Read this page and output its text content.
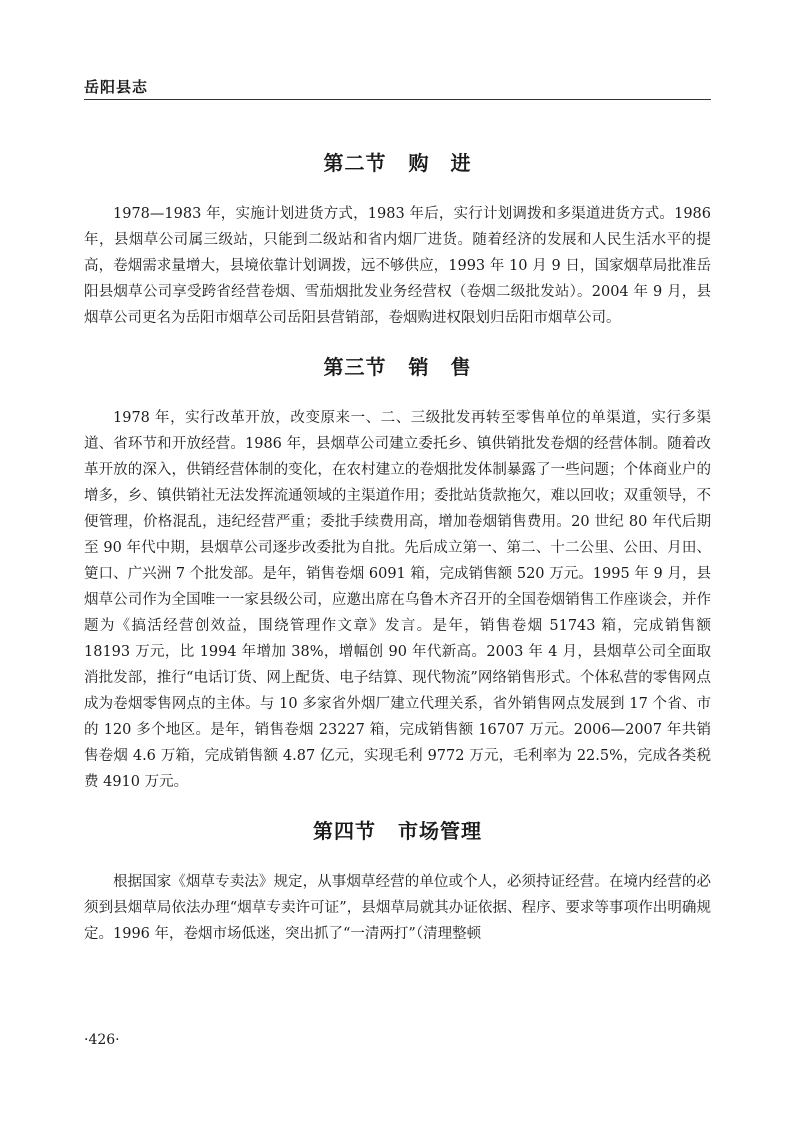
岳阳县志
第二节 购　进

1978—1983 年，实施计划进货方式，1983 年后，实行计划调拨和多渠道进货方式。1986 年，县烟草公司属三级站，只能到二级站和省内烟厂进货。随着经济的发展和人民生活水平的提高，卷烟需求量增大，县境依靠计划调拨，远不够供应，1993 年 10 月 9 日，国家烟草局批准岳阳县烟草公司享受跨省经营卷烟、雪茄烟批发业务经营权（卷烟二级批发站）。2004 年 9 月，县烟草公司更名为岳阳市烟草公司岳阳县营销部，卷烟购进权限划归岳阳市烟草公司。

第三节 销　售

1978 年，实行改革开放，改变原来一、二、三级批发再转至零售单位的单渠道，实行多渠道、省环节和开放经营。1986 年，县烟草公司建立委托乡、镇供销批发卷烟的经营体制。随着改革开放的深入，供销经营体制的变化，在农村建立的卷烟批发体制暴露了一些问题；个体商业户的增多，乡、镇供销社无法发挥流通领域的主渠道作用；委批站货款拖欠，难以回收；双重领导，不便管理，价格混乱，违纪经营严重；委批手续费用高，增加卷烟销售费用。20 世纪 80 年代后期至 90 年代中期，县烟草公司逐步改委批为自批。先后成立第一、第二、十二公里、公田、月田、筻口、广兴洲 7 个批发部。是年，销售卷烟 6091 箱，完成销售额 520 万元。1995 年 9 月，县烟草公司作为全国唯一一家县级公司，应邀出席在乌鲁木齐召开的全国卷烟销售工作座谈会，并作题为《搞活经营创效益，围绕管理作文章》发言。是年，销售卷烟 51743 箱，完成销售额 18193 万元，比 1994 年增加 38%，增幅创 90 年代新高。2003 年 4 月，县烟草公司全面取消批发部，推行“电话订货、网上配货、电子结算、现代物流”网络销售形式。个体私营的零售网点成为卷烟零售网点的主体。与 10 多家省外烟厂建立代理关系，省外销售网点发展到 17 个省、市的 120 多个地区。是年，销售卷烟 23227 箱，完成销售额 16707 万元。2006—2007 年共销售卷烟 4.6 万箱，完成销售额 4.87 亿元，实现毛利 9772 万元，毛利率为 22.5%，完成各类税费 4910 万元。

第四节 市场管理

根据国家《烟草专卖法》规定，从事烟草经营的单位或个人，必须持证经营。在境内经营的必须到县烟草局依法办理“烟草专卖许可证”，县烟草局就其办证依据、程序、要求等事项作出明确规定。1996 年，卷烟市场低迷，突出抓了“一清两打”（清理整顿

·426·
